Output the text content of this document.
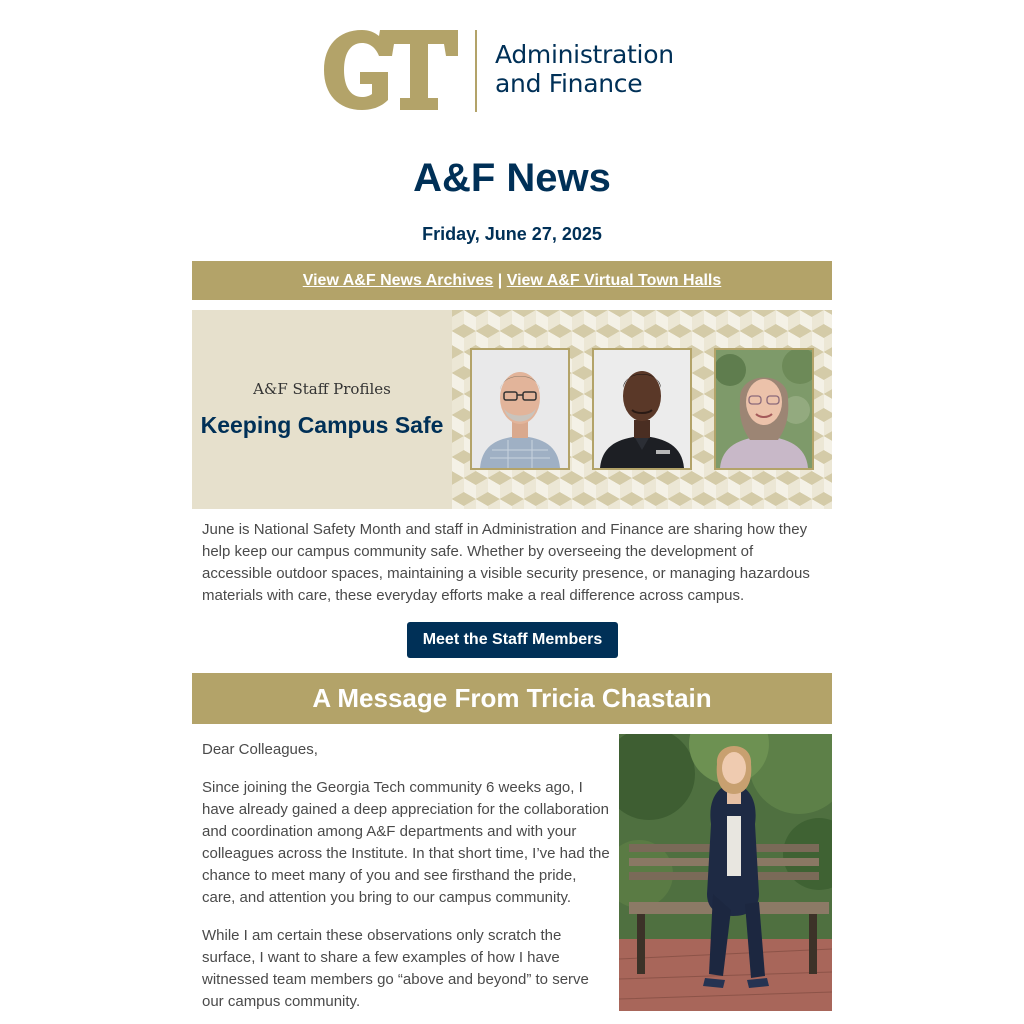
Administration
and Finance
A&F News
Friday, June 27, 2025
View A&F News Archives | View A&F Virtual Town Halls
A&F Staff Profiles
Keeping Campus Safe
June is National Safety Month and staff in Administration and Finance are sharing how they help keep our campus community safe. Whether by overseeing the development of accessible outdoor spaces, maintaining a visible security presence, or managing hazardous materials with care, these everyday efforts make a real difference across campus.
Meet the Staff Members
A Message From Tricia Chastain

Dear Colleagues,

Since joining the Georgia Tech community 6 weeks ago, I have already gained a deep appreciation for the collaboration and coordination among A&F departments and with your colleagues across the Institute. In that short time, I’ve had the chance to meet many of you and see firsthand the pride, care, and attention you bring to our campus community.

While I am certain these observations only scratch the surface, I want to share a few examples of how I have witnessed team members go “above and beyond” to serve our campus community.
